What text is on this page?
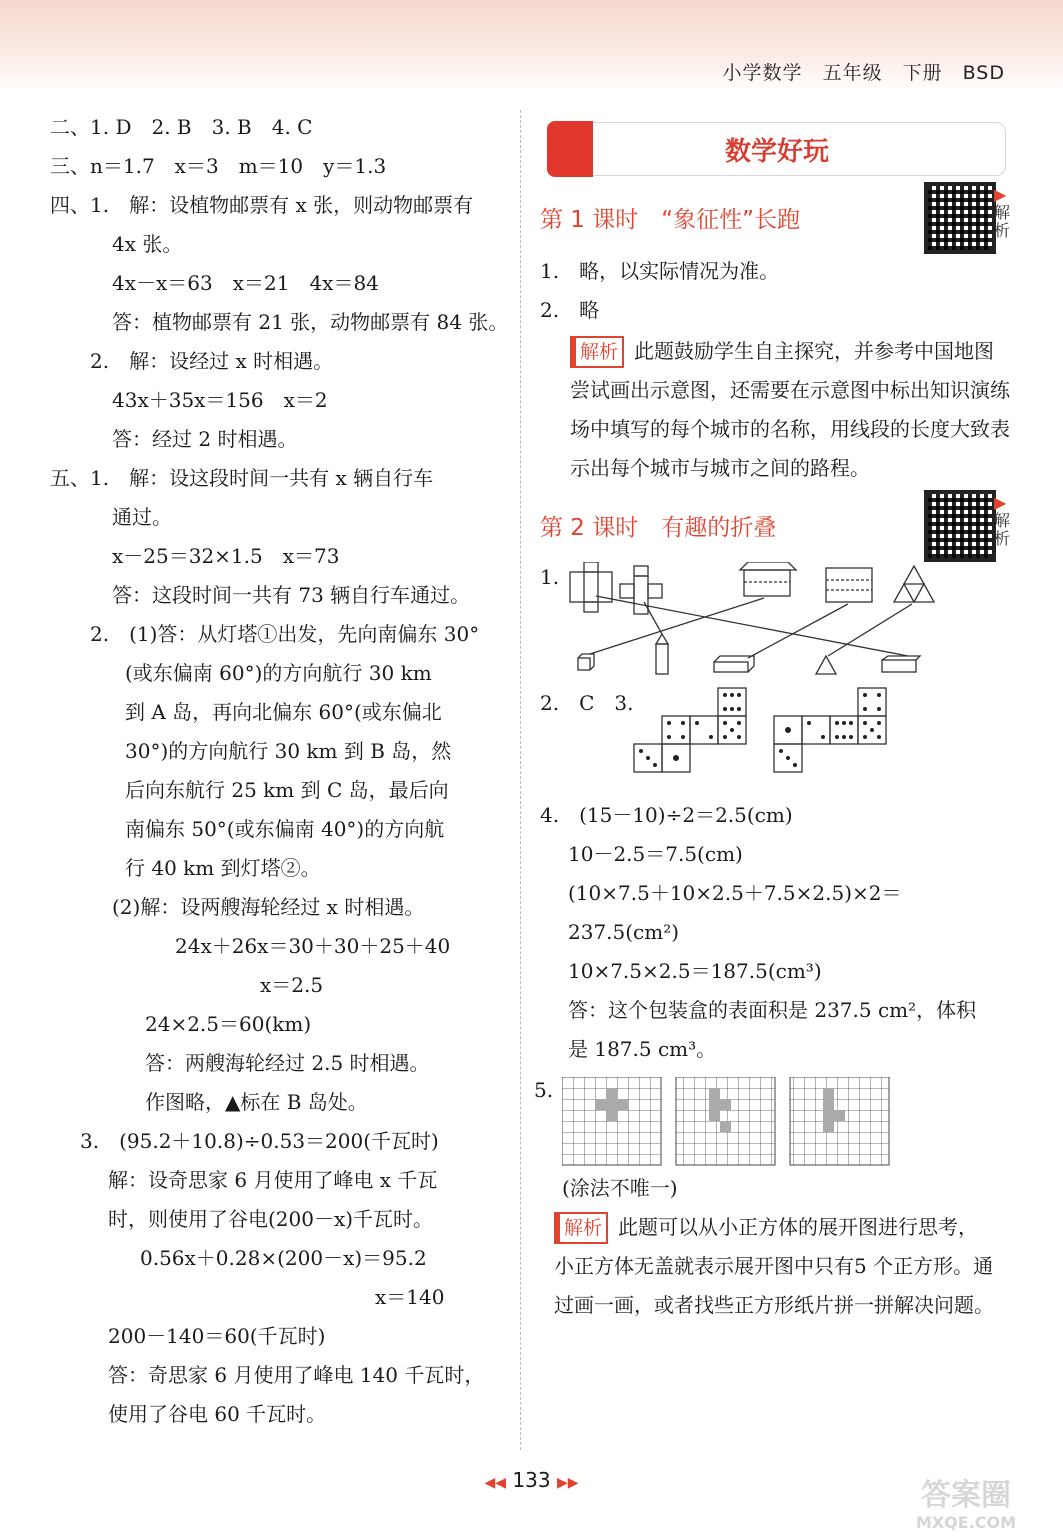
小学数学 五年级 下册 BSD
二、1. D　2. B　3. B　4. C
三、n＝1.7　x＝3　m＝10　y＝1.3
四、1.　解：设植物邮票有 x 张，则动物邮票有
4x 张。
4x－x＝63　x＝21　4x＝84
答：植物邮票有 21 张，动物邮票有 84 张。
2.　解：设经过 x 时相遇。
43x＋35x＝156　x＝2
答：经过 2 时相遇。
五、1.　解：设这段时间一共有 x 辆自行车
通过。
x－25＝32×1.5　x＝73
答：这段时间一共有 73 辆自行车通过。
2.　(1)答：从灯塔①出发，先向南偏东 30°
(或东偏南 60°)的方向航行 30 km
到 A 岛，再向北偏东 60°(或东偏北
30°)的方向航行 30 km 到 B 岛，然
后向东航行 25 km 到 C 岛，最后向
南偏东 50°(或东偏南 40°)的方向航
行 40 km 到灯塔②。
(2)解：设两艘海轮经过 x 时相遇。
24x＋26x＝30＋30＋25＋40
x＝2.5
24×2.5＝60(km)
答：两艘海轮经过 2.5 时相遇。
作图略，▲标在 B 岛处。
3.　(95.2＋10.8)÷0.53＝200(千瓦时)
解：设奇思家 6 月使用了峰电 x 千瓦
时，则使用了谷电(200－x)千瓦时。
0.56x＋0.28×(200－x)＝95.2
x＝140
200－140＝60(千瓦时)
答：奇思家 6 月使用了峰电 140 千瓦时，
使用了谷电 60 千瓦时。
数学好玩
第 1 课时　“象征性”长跑
▶解析
1.　略，以实际情况为准。
2.　略
解析 此题鼓励学生自主探究，并参考中国地图尝试画出示意图，还需要在示意图中标出知识演练场中填写的每个城市的名称，用线段的长度大致表示出每个城市与城市之间的路程。
第 2 课时　有趣的折叠
▶解析
1.
2.　C　3.
4.　(15－10)÷2＝2.5(cm)
10－2.5＝7.5(cm)
(10×7.5＋10×2.5＋7.5×2.5)×2＝
237.5(cm²)
10×7.5×2.5＝187.5(cm³)
答：这个包装盒的表面积是 237.5 cm²，体积
是 187.5 cm³。
5.
(涂法不唯一)
解析 此题可以从小正方体的展开图进行思考，小正方体无盖就表示展开图中只有5 个正方形。通过画一画，或者找些正方形纸片拼一拼解决问题。
◀◀ 133 ▶▶	答案圈
MXQE.COM
